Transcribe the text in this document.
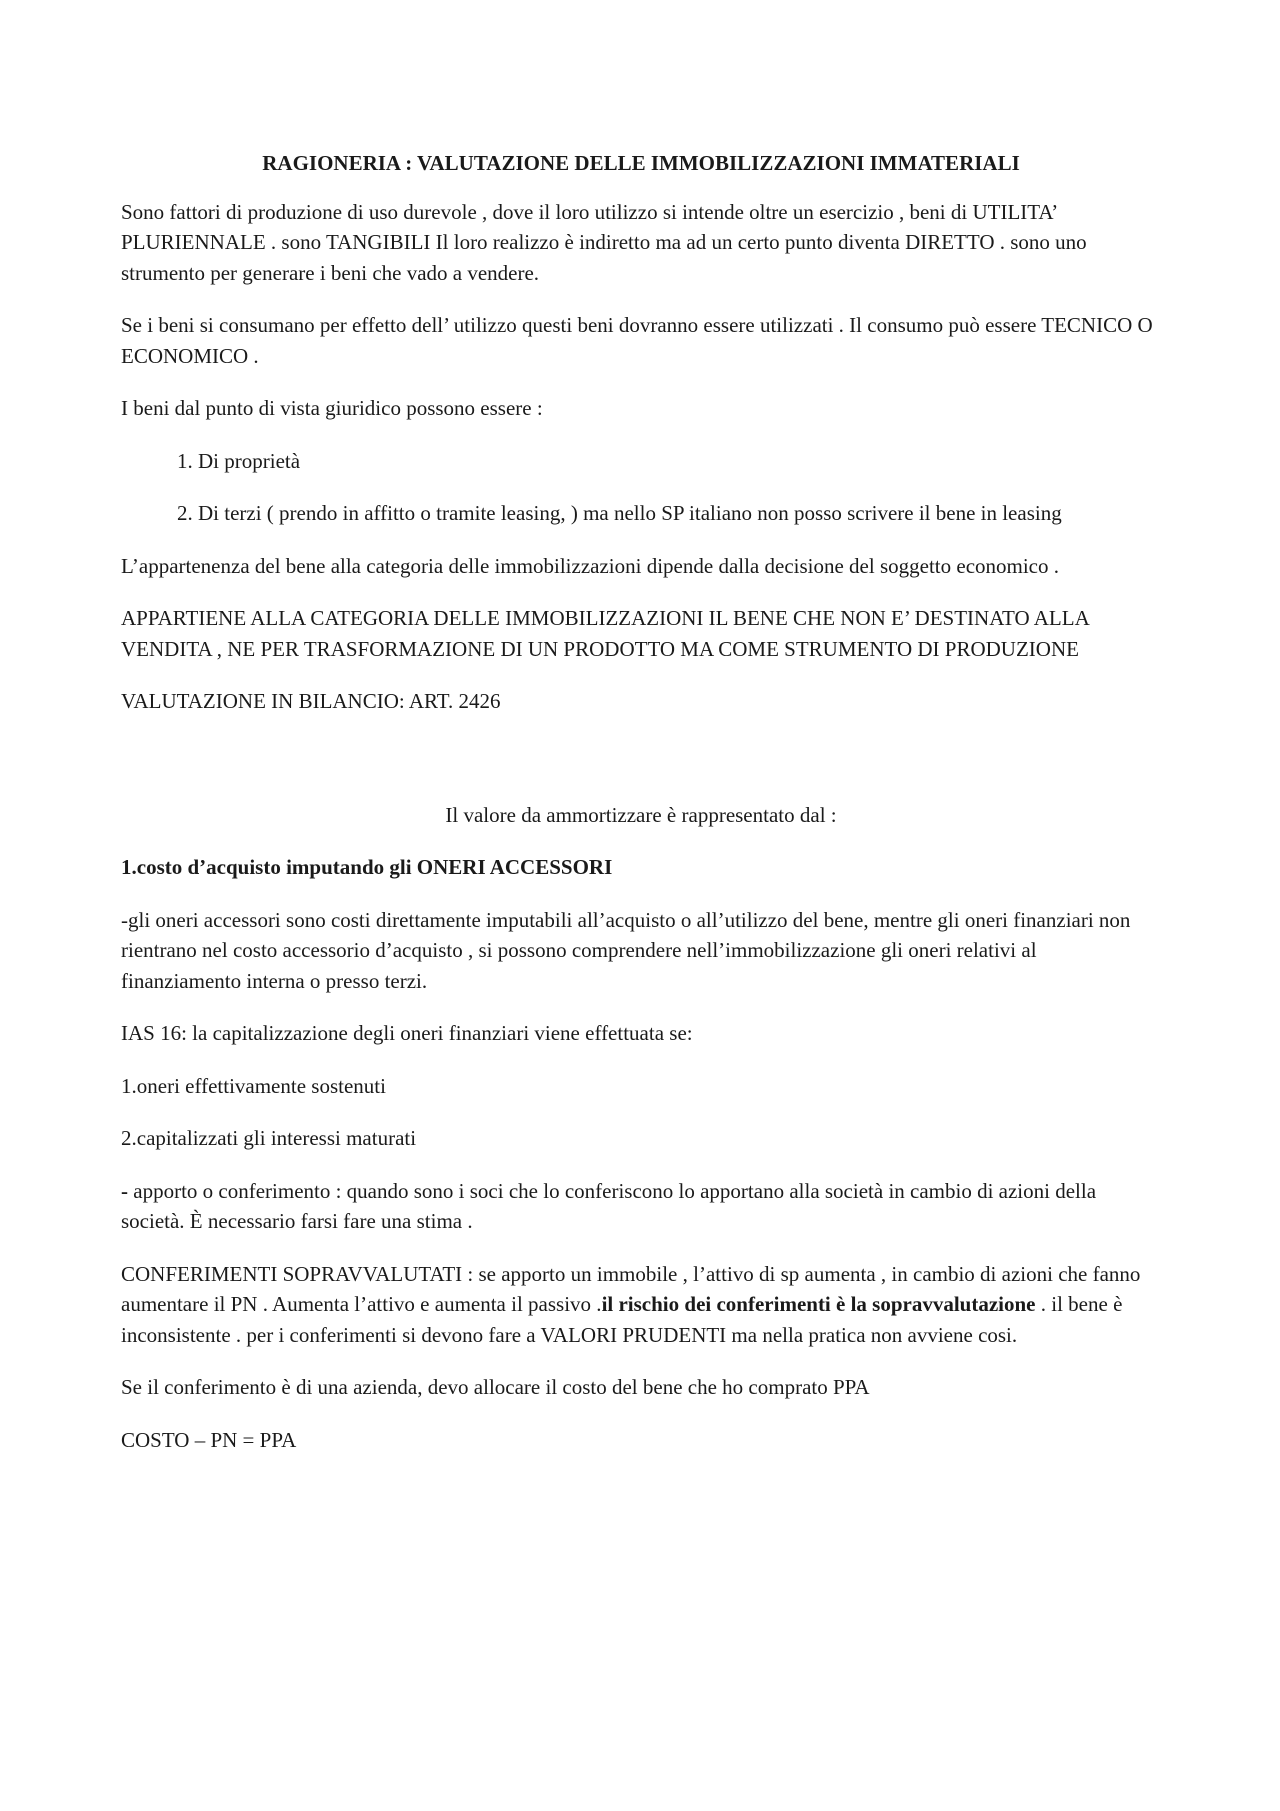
RAGIONERIA : VALUTAZIONE DELLE IMMOBILIZZAZIONI IMMATERIALI

Sono fattori di produzione di uso durevole , dove il loro utilizzo si intende oltre un esercizio , beni di UTILITA’ PLURIENNALE . sono TANGIBILI Il loro realizzo è indiretto ma ad un certo punto diventa DIRETTO . sono uno strumento per generare i beni che vado a vendere.

Se i beni si consumano per effetto dell’ utilizzo questi beni dovranno essere utilizzati . Il consumo può essere TECNICO O ECONOMICO .

I beni dal punto di vista giuridico possono essere :

1. Di proprietà
2. Di terzi ( prendo in affitto o tramite leasing, ) ma nello SP italiano non posso scrivere il bene in leasing

L’appartenenza del bene alla categoria delle immobilizzazioni dipende dalla decisione del soggetto economico .

APPARTIENE ALLA CATEGORIA DELLE IMMOBILIZZAZIONI IL BENE CHE NON E’ DESTINATO ALLA VENDITA , NE PER TRASFORMAZIONE DI UN PRODOTTO MA COME STRUMENTO DI PRODUZIONE

VALUTAZIONE IN BILANCIO: ART. 2426

Il valore da ammortizzare è rappresentato dal :

1.costo d’acquisto imputando gli ONERI ACCESSORI

-gli oneri accessori sono costi direttamente imputabili all’acquisto o all’utilizzo del bene, mentre gli oneri finanziari non rientrano nel costo accessorio d’acquisto , si possono comprendere nell’immobilizzazione gli oneri relativi al finanziamento interna o presso terzi.

IAS 16: la capitalizzazione degli oneri finanziari viene effettuata se:

1.oneri effettivamente sostenuti

2.capitalizzati gli interessi maturati

- apporto o conferimento : quando sono i soci che lo conferiscono lo apportano alla società in cambio di azioni della società. È necessario farsi fare una stima .

CONFERIMENTI SOPRAVVALUTATI : se apporto un immobile , l’attivo di sp aumenta , in cambio di azioni che fanno aumentare il PN . Aumenta l’attivo e aumenta il passivo .il rischio dei conferimenti è la sopravvalutazione . il bene è inconsistente . per i conferimenti si devono fare a VALORI PRUDENTI ma nella pratica non avviene cosi.

Se il conferimento è di una azienda, devo allocare il costo del bene che ho comprato PPA

COSTO – PN = PPA
